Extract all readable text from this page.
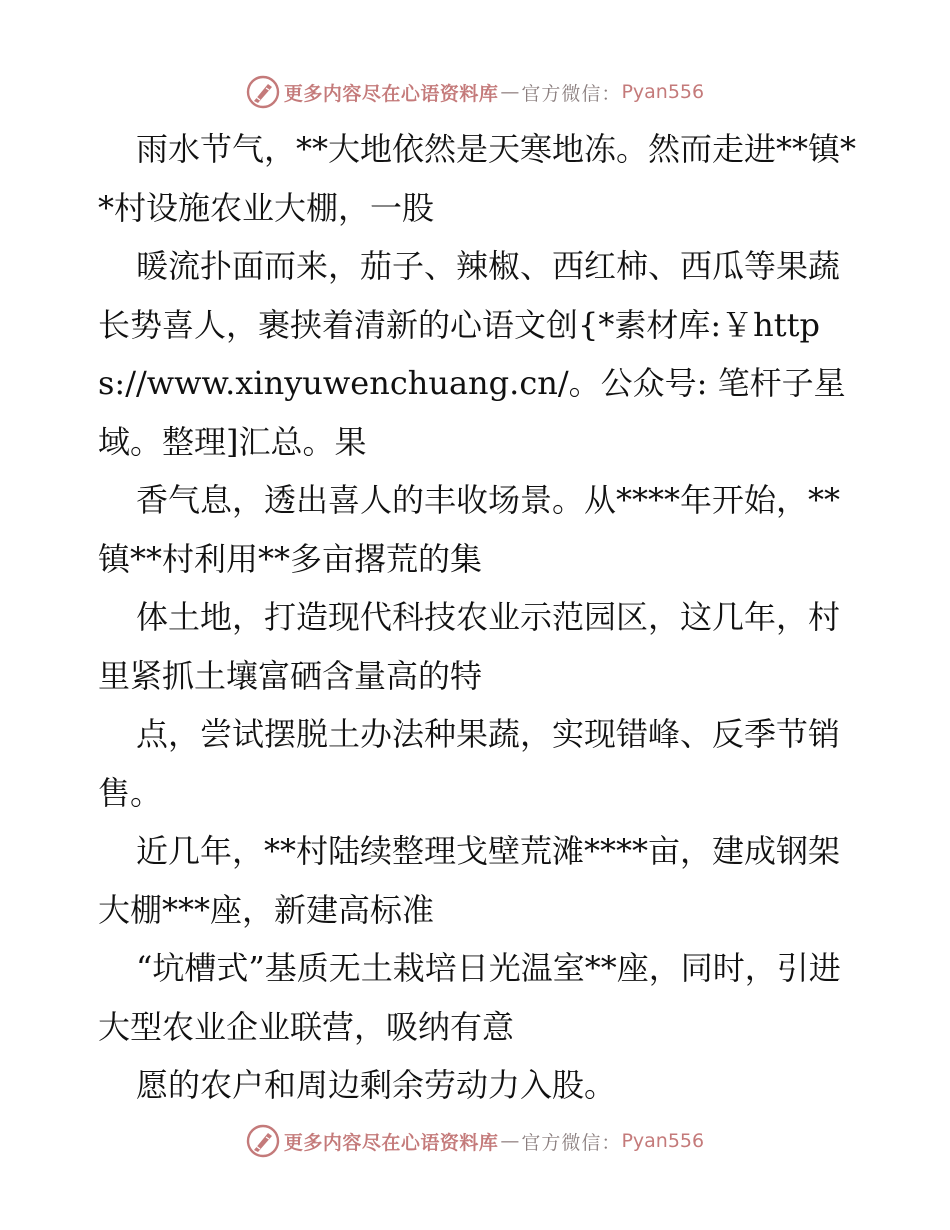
更多内容尽在心语资料库 — 官方微信： Pyan556

雨水节气，**大地依然是天寒地冻。然而走进**镇**村设施农业大棚，一股

暖流扑面而来，茄子、辣椒、西红柿、西瓜等果蔬长势喜人，裹挟着清新的心语文创{*素材库:￥https://www.xinyuwenchuang.cn/。公众号: 笔杆子星域。整理]汇总。果

香气息，透出喜人的丰收场景。从****年开始，**镇**村利用**多亩撂荒的集

体土地，打造现代科技农业示范园区，这几年，村里紧抓土壤富硒含量高的特

点，尝试摆脱土办法种果蔬，实现错峰、反季节销售。

近几年，**村陆续整理戈壁荒滩****亩，建成钢架大棚***座，新建高标准

“坑槽式”基质无土栽培日光温室**座，同时，引进大型农业企业联营，吸纳有意

愿的农户和周边剩余劳动力入股。

更多内容尽在心语资料库 — 官方微信： Pyan556
